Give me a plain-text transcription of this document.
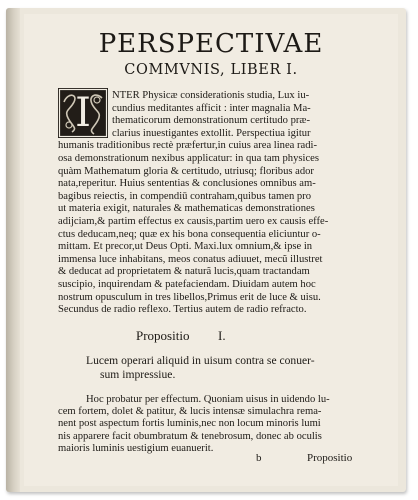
PERSPECTIVAE
COMMVNIS, LIBER I.
I	NTER Physicæ considerationis studia, Lux iu-
cundius meditantes afficit : inter magnalia Ma-
thematicorum demonstrationum certitudo præ-
clarius inuestigantes extollit. Perspectiua igitur
humanis traditionibus rectè præfertur,in cuius area linea radi-
osa demonstrationum nexibus applicatur: in qua tam physices
quàm Mathematum gloria & certitudo, utriusq; floribus ador
nata,reperitur. Huius sententias & conclusiones omnibus am-
bagibus reiectis, in compendiū contraham,quibus tamen pro
ut materia exigit, naturales & mathematicas demonstrationes
adijciam,& partim effectus ex causis,partim uero ex causis effe-
ctus deducam,neq; quæ ex his bona consequentia eliciuntur o-
mittam. Et precor,ut Deus Opti. Maxi.lux omnium,& ipse in
immensa luce inhabitans, meos conatus adiuuet, mecũ illustret
& deducat ad proprietatem & naturã lucis,quam tractandam
suscipio, inquirendam & patefaciendam. Diuidam autem hoc
nostrum opusculum in tres libellos,Primus erit de luce & uisu.
Secundus de radio reflexo. Tertius autem de radio refracto.
Propositio I.
Lucem operari aliquid in uisum contra se conuer-
sum impressiue.
Hoc probatur per effectum. Quoniam uisus in uidendo lu-
cem fortem, dolet & patitur, & lucis intensæ simulachra rema-
nent post aspectum fortis luminis,nec non locum minoris lumi
nis apparere facit obumbratum & tenebrosum, donec ab oculis
maioris luminis uestigium euanuerit.
b	Propositio
